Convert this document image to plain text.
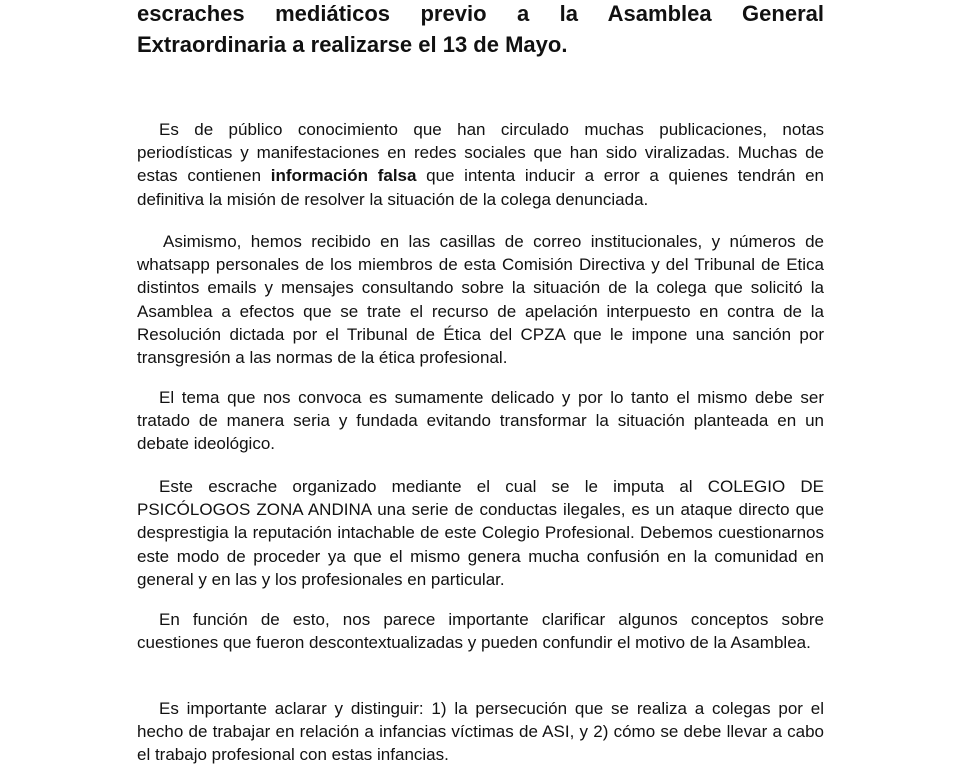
escraches mediáticos previo a la Asamblea General Extraordinaria a realizarse el 13 de Mayo.

Es de público conocimiento que han circulado muchas publicaciones, notas periodísticas y manifestaciones en redes sociales que han sido viralizadas. Muchas de estas contienen información falsa que intenta inducir a error a quienes tendrán en definitiva la misión de resolver la situación de la colega denunciada.

Asimismo, hemos recibido en las casillas de correo institucionales, y números de whatsapp personales de los miembros de esta Comisión Directiva y del Tribunal de Etica distintos emails y mensajes consultando sobre la situación de la colega que solicitó la Asamblea a efectos que se trate el recurso de apelación interpuesto en contra de la Resolución dictada por el Tribunal de Ética del CPZA que le impone una sanción por transgresión a las normas de la ética profesional.

El tema que nos convoca es sumamente delicado y por lo tanto el mismo debe ser tratado de manera seria y fundada evitando transformar la situación planteada en un debate ideológico.

Este escrache organizado mediante el cual se le imputa al COLEGIO DE PSICÓLOGOS ZONA ANDINA una serie de conductas ilegales, es un ataque directo que desprestigia la reputación intachable de este Colegio Profesional. Debemos cuestionarnos este modo de proceder ya que el mismo genera mucha confusión en la comunidad en general y en las y los profesionales en particular.

En función de esto, nos parece importante clarificar algunos conceptos sobre cuestiones que fueron descontextualizadas y pueden confundir el motivo de la Asamblea.

Es importante aclarar y distinguir: 1) la persecución que se realiza a colegas por el hecho de trabajar en relación a infancias víctimas de ASI, y 2) cómo se debe llevar a cabo el trabajo profesional con estas infancias.
